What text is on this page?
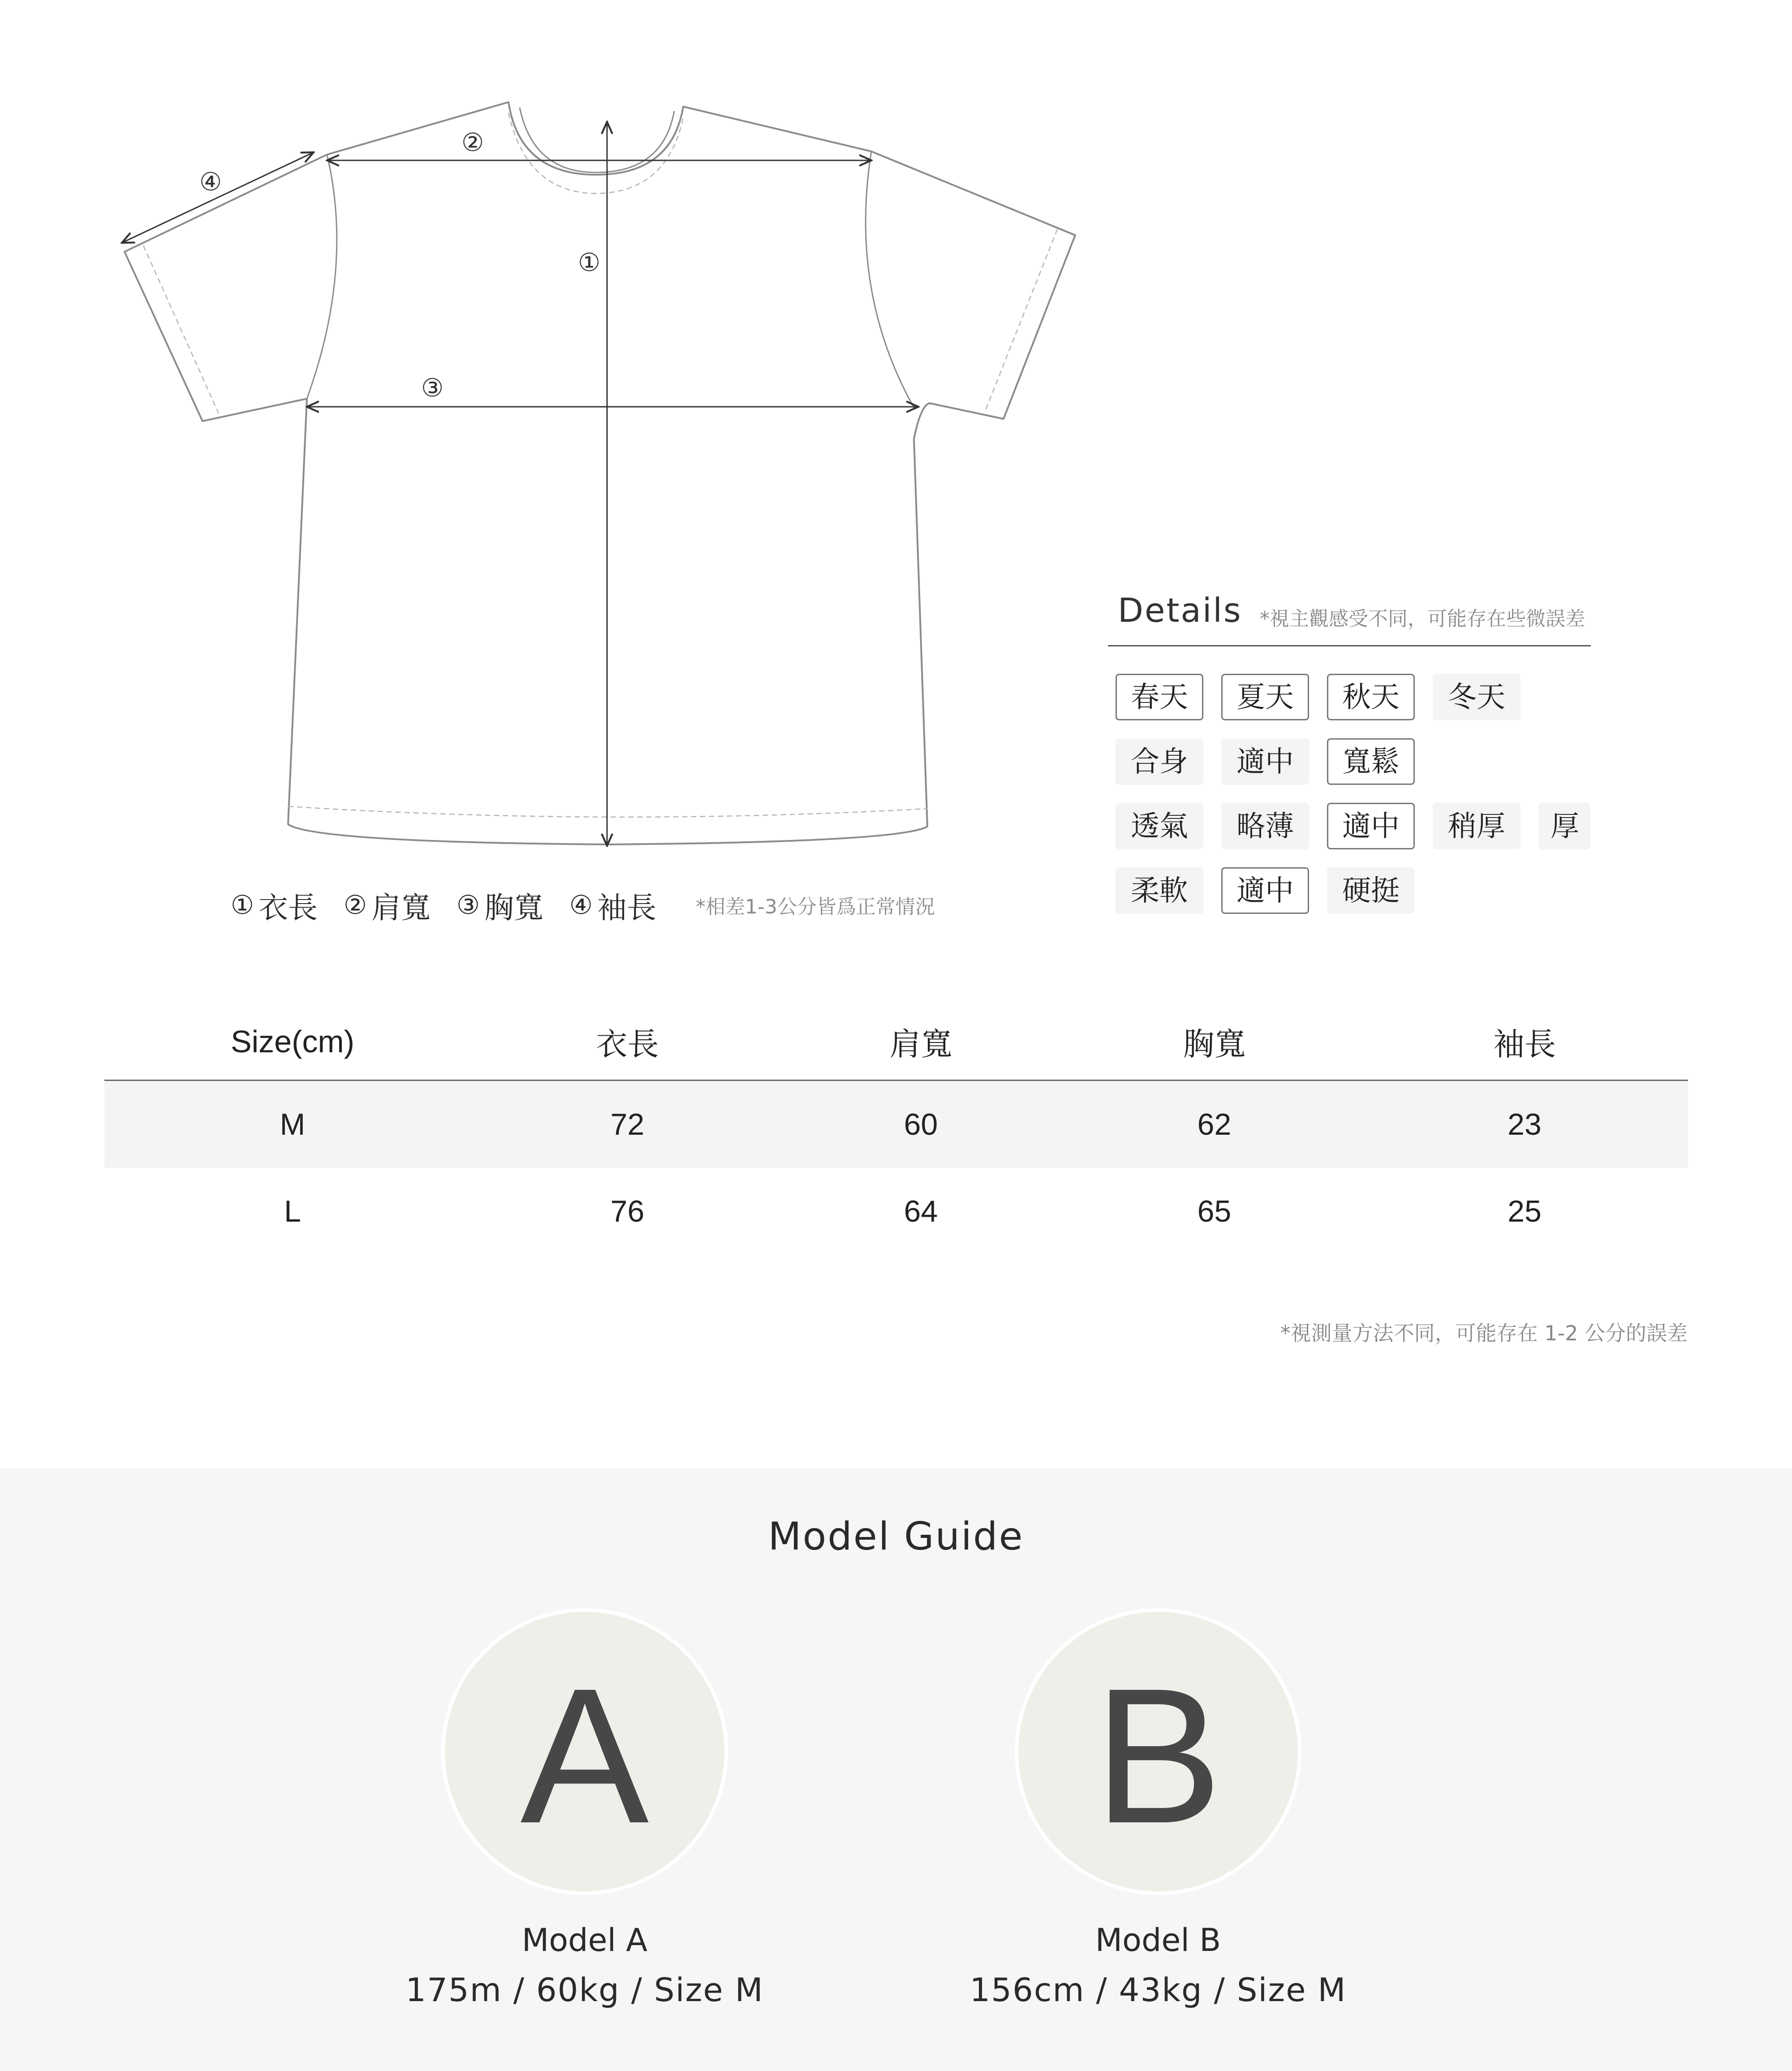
①
②
③
④
① 衣長 ② 肩寬 ③ 胸寬 ④ 袖長 *相差1-3公分皆爲正常情況
Details *視主觀感受不同，可能存在些微誤差
春天	夏天	秋天	冬天
合身	適中	寬鬆
透氣	略薄	適中	稍厚	厚
柔軟	適中	硬挺
Size(cm)	衣長	肩寬	胸寬	袖長
M	72	60	62	23
L	76	64	65	25
*視測量方法不同，可能存在 1-2 公分的誤差
Model Guide
A
Model A
175m / 60kg / Size M
B
Model B
156cm / 43kg / Size M
